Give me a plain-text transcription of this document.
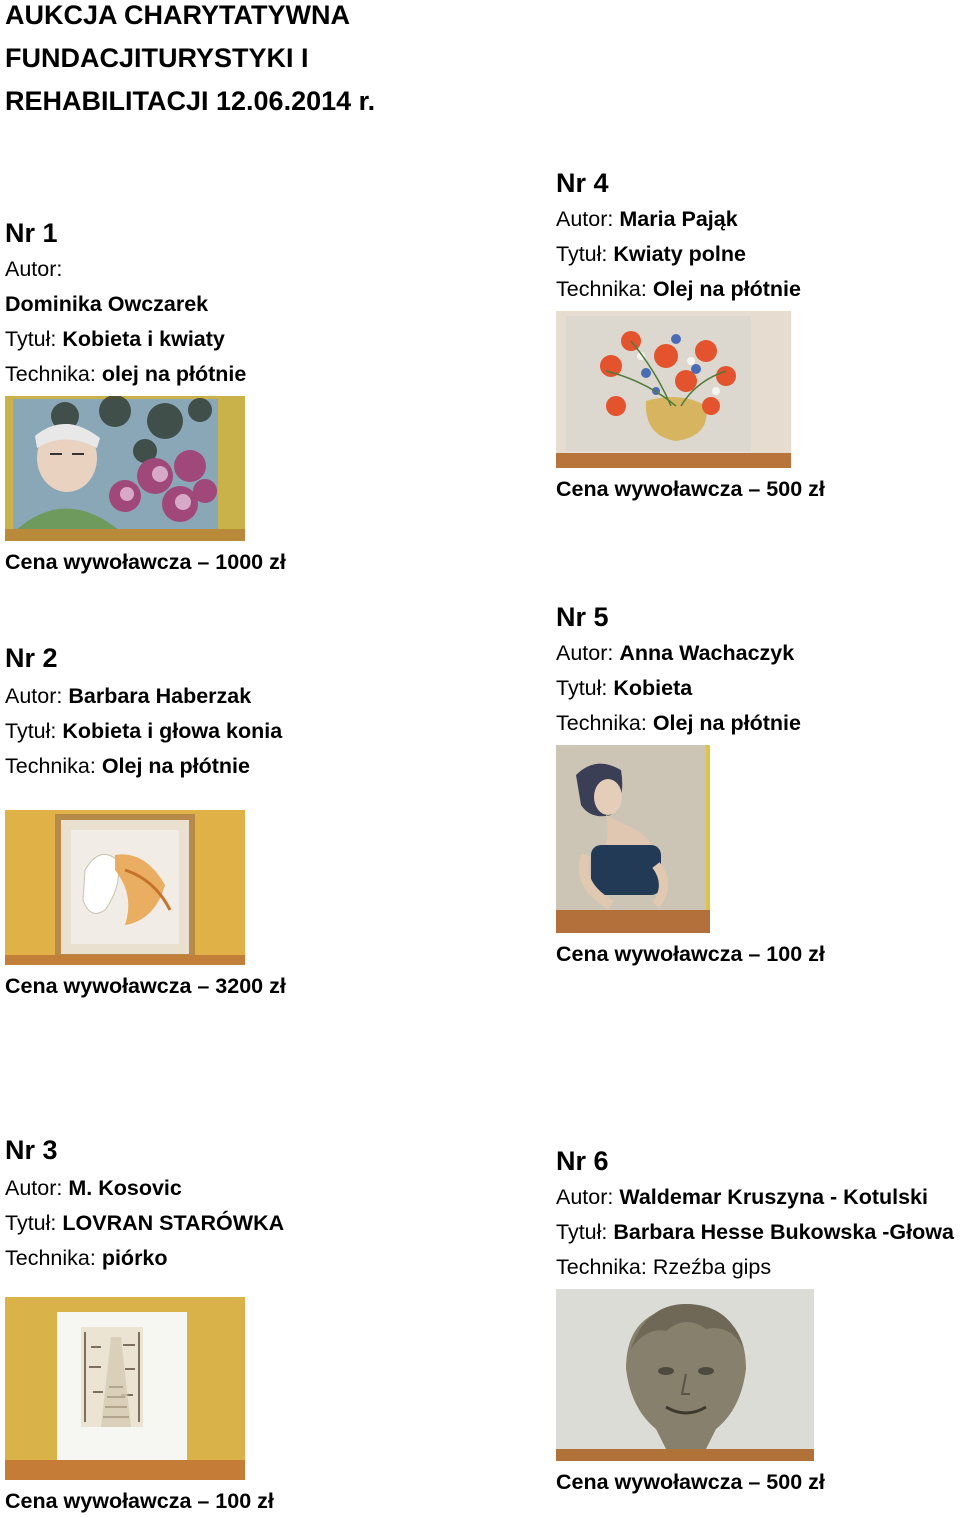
AUKCJA CHARYTATYWNA
FUNDACJITURYSTYKI I
REHABILITACJI 12.06.2014 r.
Nr 1
Autor:
Dominika Owczarek
Tytuł: Kobieta i kwiaty
Technika: olej na płótnie
Cena wywoławcza – 1000 zł
Nr 2
Autor: Barbara Haberzak
Tytuł: Kobieta i głowa konia
Technika: Olej na płótnie
Cena wywoławcza – 3200 zł
Nr 3
Autor: M. Kosovic
Tytuł: LOVRAN STARÓWKA
Technika: piórko
Cena wywoławcza – 100 zł
Nr 4
Autor: Maria Pająk
Tytuł: Kwiaty polne
Technika: Olej na płótnie
Cena wywoławcza – 500 zł
Nr 5
Autor: Anna Wachaczyk
Tytuł: Kobieta
Technika: Olej na płótnie
Cena wywoławcza – 100 zł
Nr 6
Autor: Waldemar Kruszyna - Kotulski
Tytuł: Barbara Hesse Bukowska -Głowa
Technika: Rzeźba gips
Cena wywoławcza – 500 zł
